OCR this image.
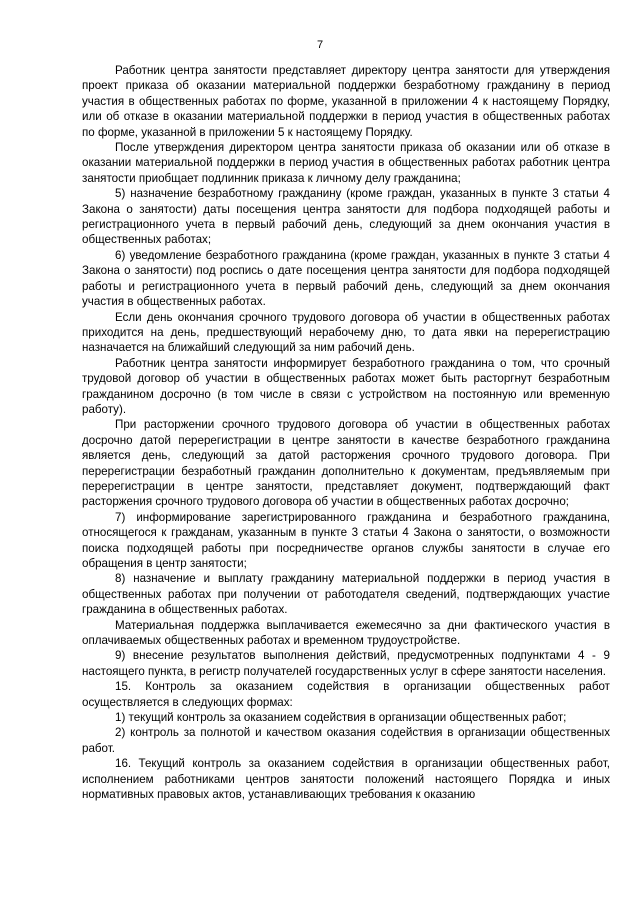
7

Работник центра занятости представляет директору центра занятости для утверждения проект приказа об оказании материальной поддержки безработному гражданину в период участия в общественных работах по форме, указанной в приложении 4 к настоящему Порядку, или об отказе в оказании материальной поддержки в период участия в общественных работах по форме, указанной в приложении 5 к настоящему Порядку.

После утверждения директором центра занятости приказа об оказании или об отказе в оказании материальной поддержки в период участия в общественных работах работник центра занятости приобщает подлинник приказа к личному делу гражданина;

5) назначение безработному гражданину (кроме граждан, указанных в пункте 3 статьи 4 Закона о занятости) даты посещения центра занятости для подбора подходящей работы и регистрационного учета в первый рабочий день, следующий за днем окончания участия в общественных работах;

6) уведомление безработного гражданина (кроме граждан, указанных в пункте 3 статьи 4 Закона о занятости) под роспись о дате посещения центра занятости для подбора подходящей работы и регистрационного учета в первый рабочий день, следующий за днем окончания участия в общественных работах.

Если день окончания срочного трудового договора об участии в общественных работах приходится на день, предшествующий нерабочему дню, то дата явки на перерегистрацию назначается на ближайший следующий за ним рабочий день.

Работник центра занятости информирует безработного гражданина о том, что срочный трудовой договор об участии в общественных работах может быть расторгнут безработным гражданином досрочно (в том числе в связи с устройством на постоянную или временную работу).

При расторжении срочного трудового договора об участии в общественных работах досрочно датой перерегистрации в центре занятости в качестве безработного гражданина является день, следующий за датой расторжения срочного трудового договора. При перерегистрации безработный гражданин дополнительно к документам, предъявляемым при перерегистрации в центре занятости, представляет документ, подтверждающий факт расторжения срочного трудового договора об участии в общественных работах досрочно;

7) информирование зарегистрированного гражданина и безработного гражданина, относящегося к гражданам, указанным в пункте 3 статьи 4 Закона о занятости, о возможности поиска подходящей работы при посредничестве органов службы занятости в случае его обращения в центр занятости;

8) назначение и выплату гражданину материальной поддержки в период участия в общественных работах при получении от работодателя сведений, подтверждающих участие гражданина в общественных работах.

Материальная поддержка выплачивается ежемесячно за дни фактического участия в оплачиваемых общественных работах и временном трудоустройстве.

9) внесение результатов выполнения действий, предусмотренных подпунктами 4 - 9 настоящего пункта, в регистр получателей государственных услуг в сфере занятости населения.

15. Контроль за оказанием содействия в организации общественных работ осуществляется в следующих формах:

1) текущий контроль за оказанием содействия в организации общественных работ;

2) контроль за полнотой и качеством оказания содействия в организации общественных работ.

16. Текущий контроль за оказанием содействия в организации общественных работ, исполнением работниками центров занятости положений настоящего Порядка и иных нормативных правовых актов, устанавливающих требования к оказанию
